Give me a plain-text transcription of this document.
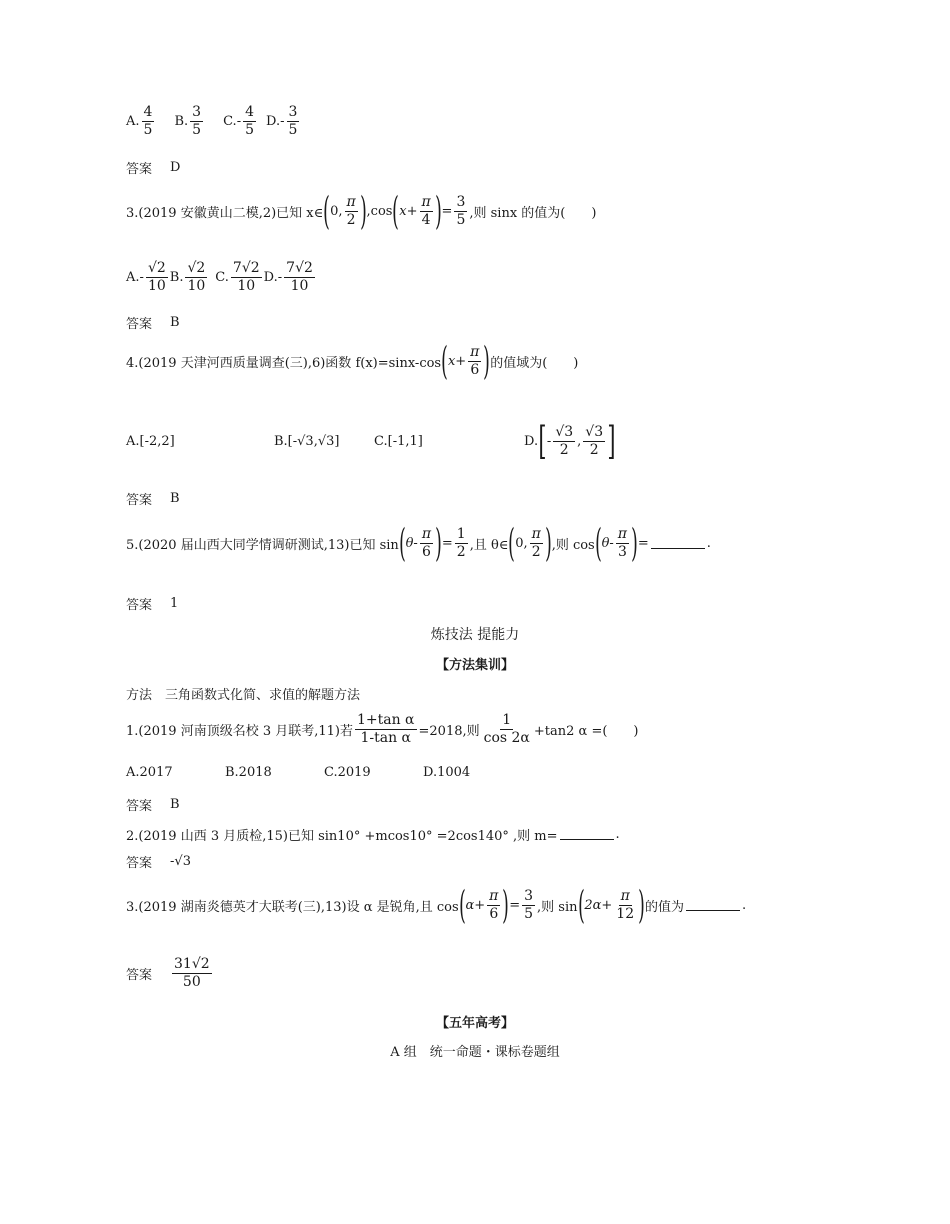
A. $\frac{4}{5} B$. $\frac{3}{5} C.- \frac{4}{5} D.- \frac{3}{5}$
答案 D
3.(2019 安徽黄山二模,2)已知 x∈ ( 0, $\frac{\pi}{2}$ ) , cos ( $x+ \frac{\pi}{4}$ ) = $\frac{3}{5}$ ,则 sinx 的值为(　　)
A. - $\frac{√2}{10} B$. $\frac{√2}{10} C$. $\frac{7√2}{10} D$. - $\frac{7√2}{10}$
答案 B
4.(2019 天津河西质量调查(三),6)函数 f(x)=sinx-cos ( $x+ \frac{\pi}{6}$ ) 的值域为(　　)
A.[-2,2]	B.[-√3,√3]	C.[-1,1]	D. [ - $\frac{√3}{2}$ , $\frac{√3}{2}$ ]
答案 B
5.(2020 届山西大同学情调研测试,13)已知 sin ( $\theta- \frac{\pi}{6}$ ) = $\frac{1}{2}$ ,且 θ∈ ( 0, $\frac{\pi}{2}$ ) ,则 cos ( $\theta- \frac{\pi}{3}$ ) =	.
答案 1
炼技法 提能力
【方法集训】
方法　三角函数式化简、求值的解题方法
1.(2019 河南顶级名校 3 月联考,11)若 $\frac{\text{1+tan α}}{\text{1-tan α}} =2018$,则 $\frac{1}{\cos 2\alpha} +\tan 2$ α =(　　)
A.2017	B.2018	C.2019	D.1004
答案 B
2.(2019 山西 3 月质检,15)已知 sin10° +mcos10° =2cos140° ,则 m=	.
答案 -√3
3.(2019 湖南炎德英才大联考(三),13)设 α 是锐角,且 cos ( $\alpha+ \frac{\pi}{6}$ ) = $\frac{3}{5}$ ,则 sin ( $2\alpha+ \frac{\pi}{12}$ ) 的值为	.
答案 $\frac{31√2}{50}$
【五年高考】
A 组　统一命题・课标卷题组
